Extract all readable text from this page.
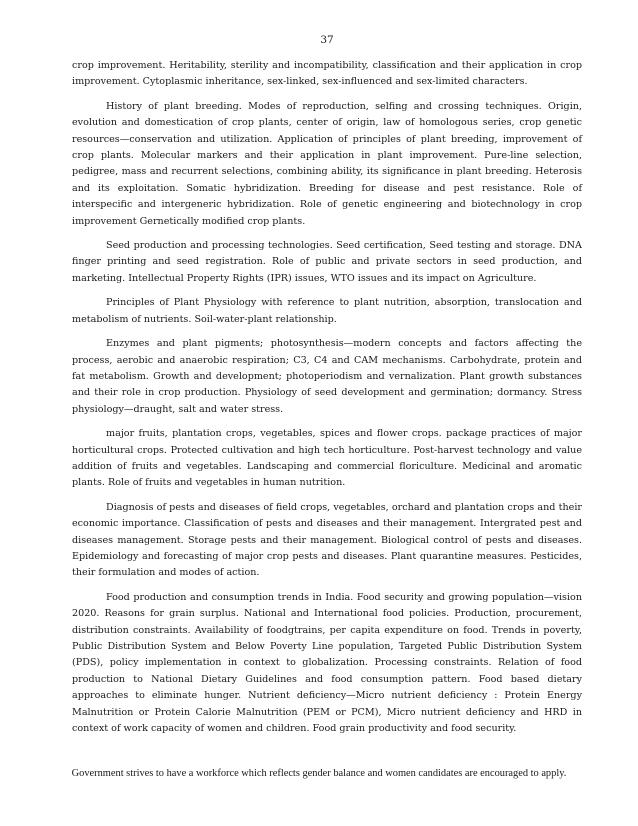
37

crop improvement. Heritability, sterility and incompatibility, classification and their application in crop improvement. Cytoplasmic inheritance, sex-linked, sex-influenced and sex-limited characters.

History of plant breeding. Modes of reproduction, selfing and crossing techniques. Origin, evolution and domestication of crop plants, center of origin, law of homologous series, crop genetic resources—conservation and utilization. Application of principles of plant breeding, improvement of crop plants. Molecular markers and their application in plant improvement. Pure-line selection, pedigree, mass and recurrent selections, combining ability, its significance in plant breeding. Heterosis and its exploitation. Somatic hybridization. Breeding for disease and pest resistance. Role of interspecific and intergeneric hybridization. Role of genetic engineering and biotechnology in crop improvement Gernetically modified crop plants.

Seed production and processing technologies. Seed certification, Seed testing and storage. DNA finger printing and seed registration. Role of public and private sectors in seed production, and marketing. Intellectual Property Rights (IPR) issues, WTO issues and its impact on Agriculture.

Principles of Plant Physiology with reference to plant nutrition, absorption, translocation and metabolism of nutrients. Soil-water-plant relationship.

Enzymes and plant pigments; photosynthesis—modern concepts and factors affecting the process, aerobic and anaerobic respiration; C3, C4 and CAM mechanisms. Carbohydrate, protein and fat metabolism. Growth and development; photoperiodism and vernalization. Plant growth substances and their role in crop production. Physiology of seed development and germination; dormancy. Stress physiology—draught, salt and water stress.

major fruits, plantation crops, vegetables, spices and flower crops. package practices of major horticultural crops. Protected cultivation and high tech horticulture. Post-harvest technology and value addition of fruits and vegetables. Landscaping and commercial floriculture. Medicinal and aromatic plants. Role of fruits and vegetables in human nutrition.

Diagnosis of pests and diseases of field crops, vegetables, orchard and plantation crops and their economic importance. Classification of pests and diseases and their management. Intergrated pest and diseases management. Storage pests and their management. Biological control of pests and diseases. Epidemiology and forecasting of major crop pests and diseases. Plant quarantine measures. Pesticides, their formulation and modes of action.

Food production and consumption trends in India. Food security and growing population—vision 2020. Reasons for grain surplus. National and International food policies. Production, procurement, distribution constraints. Availability of foodgtrains, per capita expenditure on food. Trends in poverty, Public Distribution System and Below Poverty Line population, Targeted Public Distribution System (PDS), policy implementation in context to globalization. Processing constraints. Relation of food production to National Dietary Guidelines and food consumption pattern. Food based dietary approaches to eliminate hunger. Nutrient deficiency—Micro nutrient deficiency : Protein Energy Malnutrition or Protein Calorie Malnutrition (PEM or PCM), Micro nutrient deficiency and HRD in context of work capacity of women and children. Food grain productivity and food security.

Government strives to have a workforce which reflects gender balance and women candidates are encouraged to apply.
